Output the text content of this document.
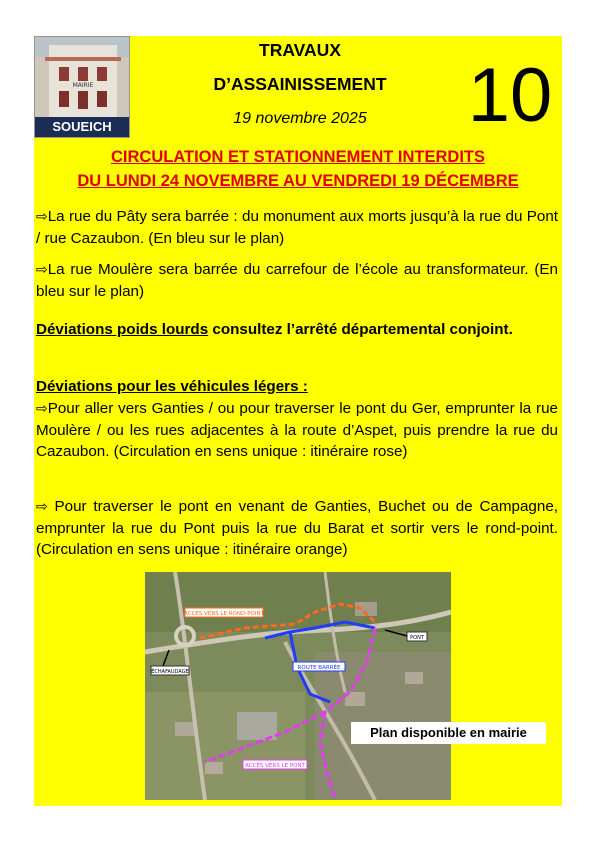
MAIRIE
SOUEICH
TRAVAUX
D’ASSAINISSEMENT
19 novembre 2025	10
CIRCULATION ET STATIONNEMENT INTERDITS
DU LUNDI 24 NOVEMBRE AU VENDREDI 19 DÉCEMBRE
⇨La rue du Pâty sera barrée : du monument aux morts jusqu’à la rue du Pont / rue Cazaubon. (En bleu sur le plan)
⇨La rue Moulère sera barrée du carrefour de l’école au transformateur. (En bleu sur le plan)
Déviations poids lourds consultez l’arrêté départemental conjoint.
Déviations pour les véhicules légers :
⇨Pour aller vers Ganties / ou pour traverser le pont du Ger, emprunter la rue Moulère / ou les rues adjacentes à la route d’Aspet, puis prendre la rue du Cazaubon. (Circulation en sens unique : itinéraire rose)
⇨ Pour traverser le pont en venant de Ganties, Buchet ou de Campagne, emprunter la rue du Pont puis la rue du Barat et sortir vers le rond-point. (Circulation en sens unique : itinéraire orange)
ACCÈS VERS LE ROND-POINT
ROUTE BARRÉE
ACCÈS VERS LE PONT
ÉCHAFAUDAGE
PONT
Plan disponible en mairie
